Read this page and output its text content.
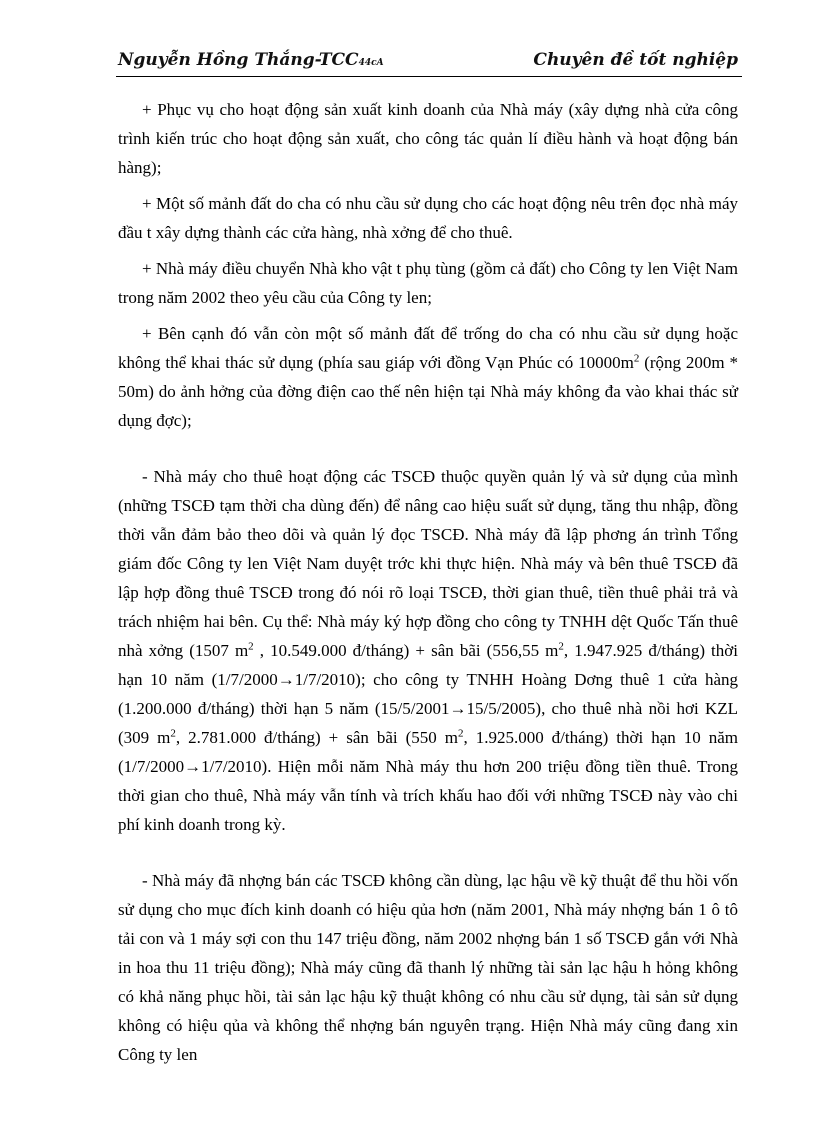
Nguyễn Hồng Thắng-TCC44cA	Chuyên đề tốt nghiệp

+ Phục vụ cho hoạt động sản xuất kinh doanh của Nhà máy (xây dựng nhà cửa công trình kiến trúc cho hoạt động sản xuất, cho công tác quản lí điều hành và hoạt động bán hàng);

+ Một số mảnh đất do cha có nhu cầu sử dụng cho các hoạt động nêu trên đọc nhà máy đầu t xây dựng thành các cửa hàng, nhà xởng để cho thuê.

+ Nhà máy điều chuyển Nhà kho vật t phụ tùng (gồm cả đất) cho Công ty len Việt Nam trong năm 2002 theo yêu cầu của Công ty len;

+ Bên cạnh đó vẫn còn một số mảnh đất để trống do cha có nhu cầu sử dụng hoặc không thể khai thác sử dụng (phía sau giáp với đồng Vạn Phúc có $10000m^2$ (rộng 200m * 50m) do ảnh hởng của đờng điện cao thế nên hiện tại Nhà máy không đa vào khai thác sử dụng đợc);

- Nhà máy cho thuê hoạt động các TSCĐ thuộc quyền quản lý và sử dụng của mình (những TSCĐ tạm thời cha dùng đến) để nâng cao hiệu suất sử dụng, tăng thu nhập, đồng thời vẫn đảm bảo theo dõi và quản lý đọc TSCĐ. Nhà máy đã lập phơng án trình Tổng giám đốc Công ty len Việt Nam duyệt trớc khi thực hiện. Nhà máy và bên thuê TSCĐ đã lập hợp đồng thuê TSCĐ trong đó nói rõ loại TSCĐ, thời gian thuê, tiền thuê phải trả và trách nhiệm hai bên. Cụ thể: Nhà máy ký hợp đồng cho công ty TNHH dệt Quốc Tấn thuê nhà xởng (1507 $m^2$ , 10.549.000 đ/tháng) + sân bãi (556,55 $m^2$, 1.947.925 đ/tháng) thời hạn 10 năm (1/7/2000→1/7/2010); cho công ty TNHH Hoàng Dơng thuê 1 cửa hàng (1.200.000 đ/tháng) thời hạn 5 năm (15/5/2001→15/5/2005), cho thuê nhà nồi hơi KZL (309 $m^2$, 2.781.000 đ/tháng) + sân bãi (550 $m^2$, 1.925.000 đ/tháng) thời hạn 10 năm (1/7/2000→1/7/2010). Hiện mỗi năm Nhà máy thu hơn 200 triệu đồng tiền thuê. Trong thời gian cho thuê, Nhà máy vẫn tính và trích khấu hao đối với những TSCĐ này vào chi phí kinh doanh trong kỳ.

- Nhà máy đã nhợng bán các TSCĐ không cần dùng, lạc hậu về kỹ thuật để thu hồi vốn sử dụng cho mục đích kinh doanh có hiệu qủa hơn (năm 2001, Nhà máy nhợng bán 1 ô tô tải con và 1 máy sợi con thu 147 triệu đồng, năm 2002 nhợng bán 1 số TSCĐ gắn với Nhà in hoa thu 11 triệu đồng); Nhà máy cũng đã thanh lý những tài sản lạc hậu h hỏng không có khả năng phục hồi, tài sản lạc hậu kỹ thuật không có nhu cầu sử dụng, tài sản sử dụng không có hiệu qủa và không thể nhợng bán nguyên trạng. Hiện Nhà máy cũng đang xin Công ty len
